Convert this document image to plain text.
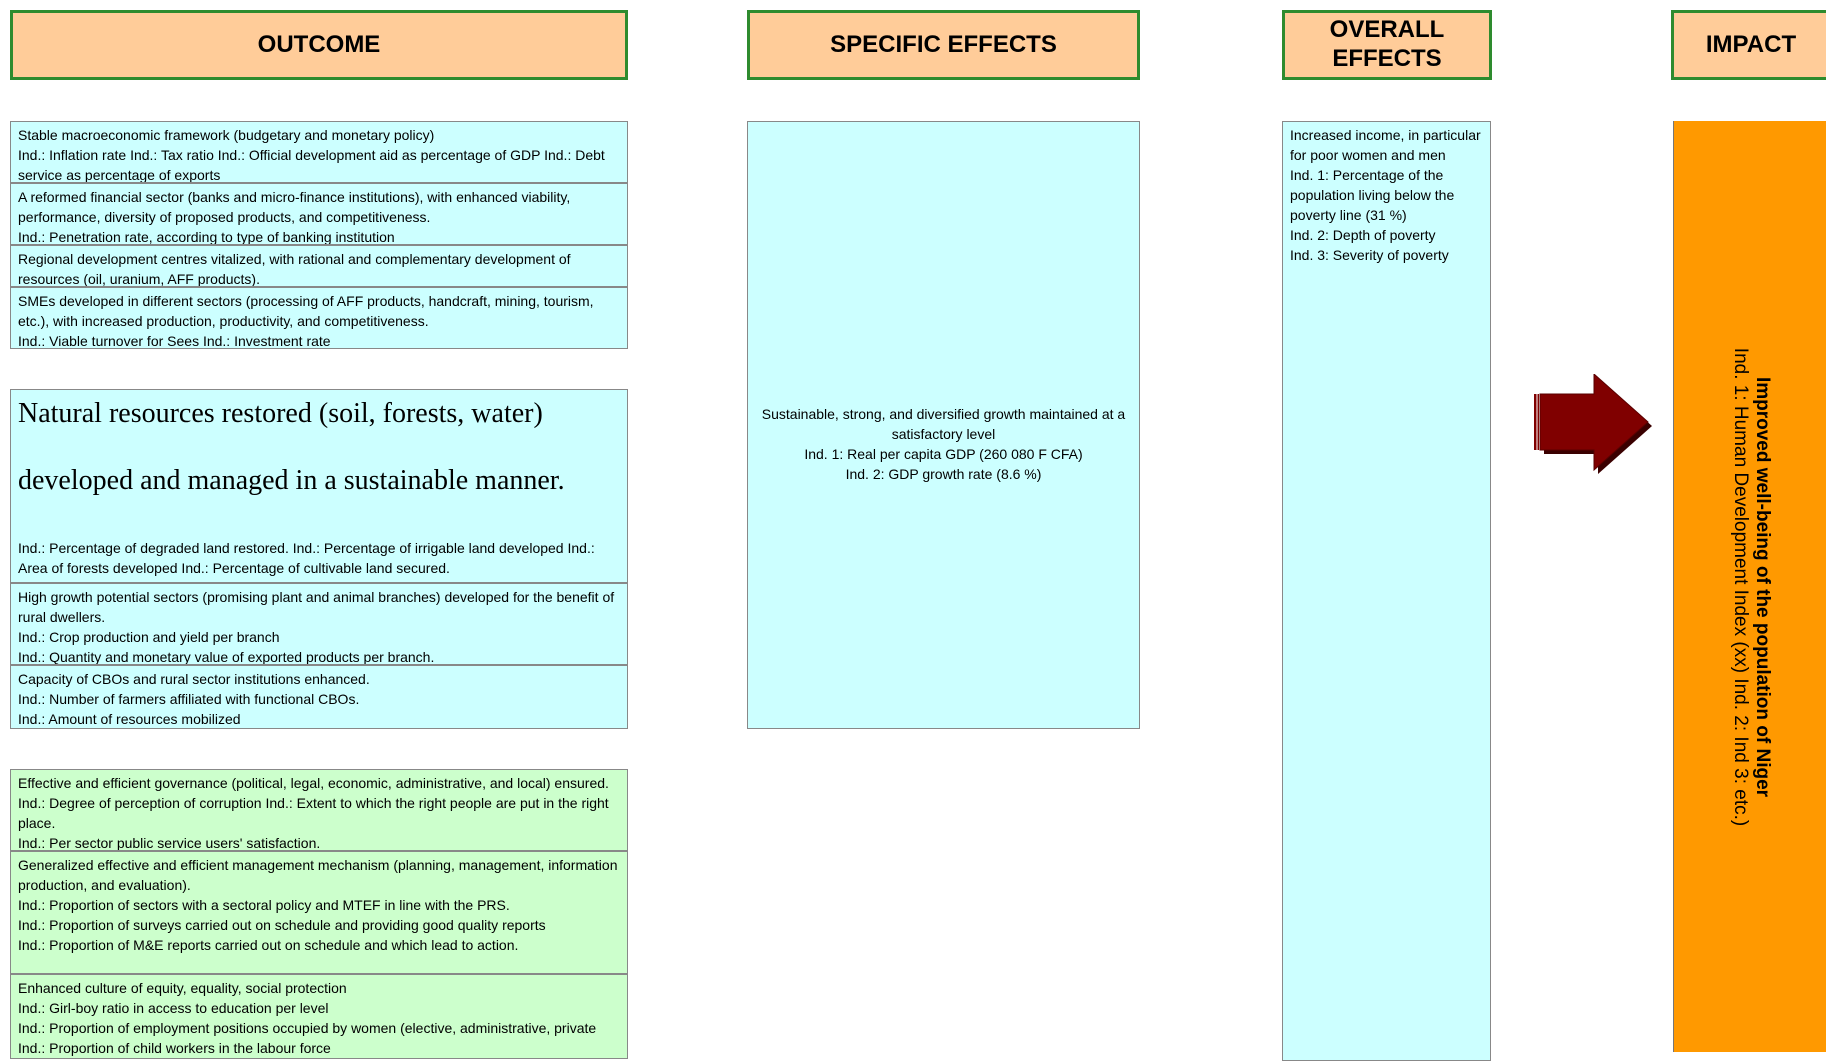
OUTCOME	SPECIFIC EFFECTS
OVERALL
EFFECTS
IMPACT
Stable macroeconomic framework (budgetary and monetary policy)
Ind.: Inflation rate Ind.: Tax ratio Ind.: Official development aid as percentage of GDP Ind.: Debt service as percentage of exports
A reformed financial sector (banks and micro-finance institutions), with enhanced viability, performance, diversity of proposed products, and competitiveness.
Ind.: Penetration rate, according to type of banking institution
Regional development centres vitalized, with rational and complementary development of resources (oil, uranium, AFF products).
SMEs developed in different sectors (processing of AFF products, handcraft, mining, tourism, etc.), with increased production, productivity, and competitiveness.
Ind.: Viable turnover for Sees Ind.: Investment rate
Natural resources restored (soil, forests, water)
developed and managed in a sustainable manner.
Ind.: Percentage of degraded land restored. Ind.: Percentage of irrigable land developed Ind.: Area of forests developed Ind.: Percentage of cultivable land secured.
High growth potential sectors (promising plant and animal branches) developed for the benefit of rural dwellers.
Ind.: Crop production and yield per branch
Ind.: Quantity and monetary value of exported products per branch.
Capacity of CBOs and rural sector institutions enhanced.
Ind.: Number of farmers affiliated with functional CBOs.
Ind.: Amount of resources mobilized
Effective and efficient governance (political, legal, economic, administrative, and local) ensured. Ind.: Degree of perception of corruption Ind.: Extent to which the right people are put in the right place.
Ind.: Per sector public service users' satisfaction.
Generalized effective and efficient management mechanism (planning, management, information production, and evaluation).
Ind.: Proportion of sectors with a sectoral policy and MTEF in line with the PRS.
Ind.: Proportion of surveys carried out on schedule and providing good quality reports
Ind.: Proportion of M&E reports carried out on schedule and which lead to action.
Enhanced culture of equity, equality, social protection
Ind.: Girl-boy ratio in access to education per level
Ind.: Proportion of employment positions occupied by women (elective, administrative, private
Ind.: Proportion of child workers in the labour force

Sustainable, strong, and diversified growth maintained at a satisfactory level
Ind. 1: Real per capita GDP (260 080 F CFA)
Ind. 2: GDP growth rate (8.6 %)

Increased income, in particular for poor women and men
Ind. 1: Percentage of the population living below the poverty line (31 %)
Ind. 2: Depth of poverty
Ind. 3: Severity of poverty
Improved well-being of the population of Niger
Ind. 1: Human Development Index (xx) Ind. 2: Ind 3: etc.)
